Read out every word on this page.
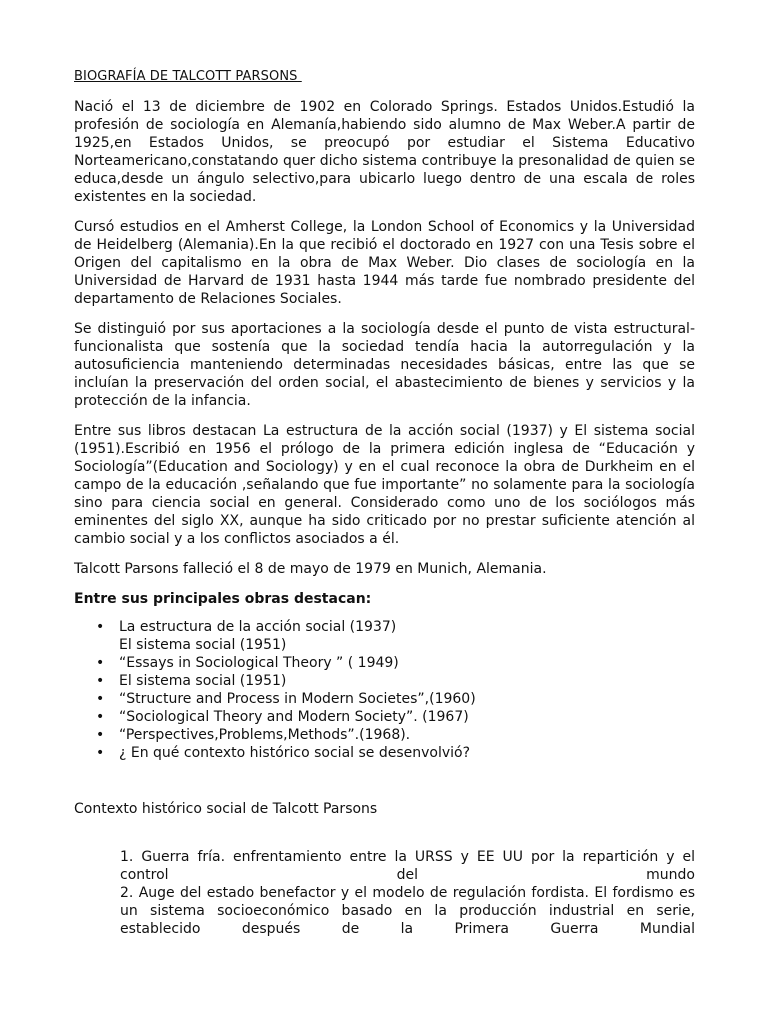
BIOGRAFÍA DE TALCOTT PARSONS

Nació el 13 de diciembre de 1902 en Colorado Springs. Estados Unidos.Estudió la profesión de sociología en Alemanía,habiendo sido alumno de Max Weber.A partir de 1925,en Estados Unidos, se preocupó por estudiar el Sistema Educativo Norteamericano,constatando quer dicho sistema contribuye la presonalidad de quien se educa,desde un ángulo selectivo,para ubicarlo luego dentro de una escala de roles existentes en la sociedad.

Cursó estudios en el Amherst College, la London School of Economics y la Universidad de Heidelberg (Alemania).En la que recibió el doctorado en 1927 con una Tesis sobre el Origen del capitalismo en la obra de Max Weber. Dio clases de sociología en la Universidad de Harvard de 1931 hasta 1944 más tarde fue nombrado presidente del departamento de Relaciones Sociales.

Se distinguió por sus aportaciones a la sociología desde el punto de vista estructural-funcionalista que sostenía que la sociedad tendía hacia la autorregulación y la autosuficiencia manteniendo determinadas necesidades básicas, entre las que se incluían la preservación del orden social, el abastecimiento de bienes y servicios y la protección de la infancia.

Entre sus libros destacan La estructura de la acción social (1937) y El sistema social (1951).Escribió en 1956 el prólogo de la primera edición inglesa de “Educación y Sociología”(Education and Sociology) y en el cual reconoce la obra de Durkheim en el campo de la educación ,señalando que fue importante” no solamente para la sociología sino para ciencia social en general. Considerado como uno de los sociólogos más eminentes del siglo XX, aunque ha sido criticado por no prestar suficiente atención al cambio social y a los conflictos asociados a él.

Talcott Parsons falleció el 8 de mayo de 1979 en Munich, Alemania.

Entre sus principales obras destacan:
• La estructura de la acción social (1937)
El sistema social (1951)
• “Essays in Sociological Theory ” ( 1949)
• El sistema social (1951)
• “Structure and Process in Modern Societes”,(1960)
• “Sociological Theory and Modern Society”. (1967)
• “Perspectives,Problems,Methods”.(1968).
• ¿ En qué contexto histórico social se desenvolvió?
Contexto histórico social de Talcott Parsons

1. Guerra fría. enfrentamiento entre la URSS y EE UU por la repartición y el control del mundo

2. Auge del estado benefactor y el modelo de regulación fordista. El fordismo es un sistema socioeconómico basado en la producción industrial en serie, establecido después de la Primera Guerra Mundial
